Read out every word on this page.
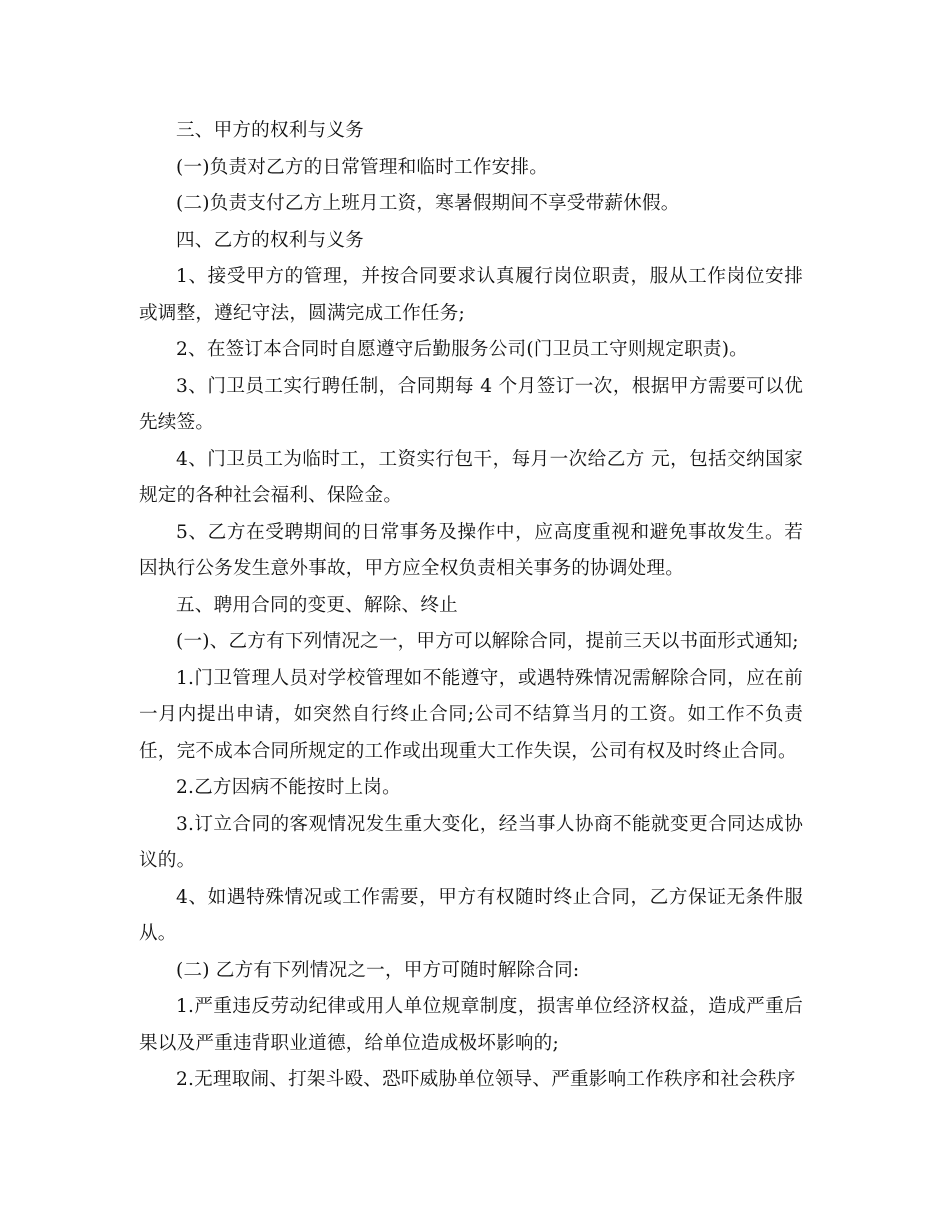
三、甲方的权利与义务

(一)负责对乙方的日常管理和临时工作安排。

(二)负责支付乙方上班月工资，寒暑假期间不享受带薪休假。

四、乙方的权利与义务

1、接受甲方的管理，并按合同要求认真履行岗位职责，服从工作岗位安排或调整，遵纪守法，圆满完成工作任务;

2、在签订本合同时自愿遵守后勤服务公司(门卫员工守则规定职责)。

3、门卫员工实行聘任制，合同期每 4 个月签订一次，根据甲方需要可以优先续签。

4、门卫员工为临时工，工资实行包干，每月一次给乙方 元，包括交纳国家规定的各种社会福利、保险金。

5、乙方在受聘期间的日常事务及操作中，应高度重视和避免事故发生。若因执行公务发生意外事故，甲方应全权负责相关事务的协调处理。

五、聘用合同的变更、解除、终止

(一)、乙方有下列情况之一，甲方可以解除合同，提前三天以书面形式通知;

1.门卫管理人员对学校管理如不能遵守，或遇特殊情况需解除合同，应在前一月内提出申请，如突然自行终止合同;公司不结算当月的工资。如工作不负责任，完不成本合同所规定的工作或出现重大工作失误，公司有权及时终止合同。

2.乙方因病不能按时上岗。

3.订立合同的客观情况发生重大变化，经当事人协商不能就变更合同达成协议的。

4、如遇特殊情况或工作需要，甲方有权随时终止合同，乙方保证无条件服从。

(二) 乙方有下列情况之一，甲方可随时解除合同:

1.严重违反劳动纪律或用人单位规章制度，损害单位经济权益，造成严重后果以及严重违背职业道德，给单位造成极坏影响的;

2.无理取闹、打架斗殴、恐吓威胁单位领导、严重影响工作秩序和社会秩序
